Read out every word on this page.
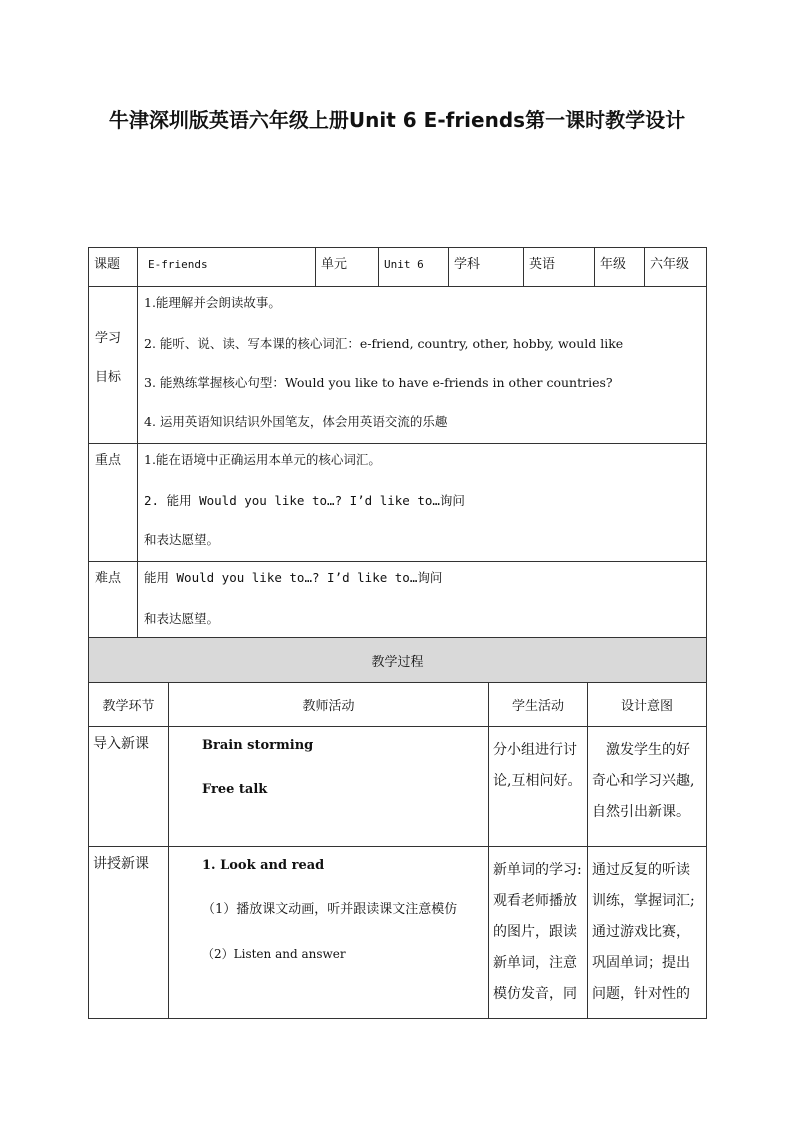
牛津深圳版英语六年级上册Unit 6 E-friends第一课时教学设计
课题	E-friends	单元	Unit 6	学科	英语	年级	六年级

学习
目标	1.能理解并会朗读故事。
2. 能听、说、读、写本课的核心词汇：e-friend, country, other, hobby, would like
3. 能熟练掌握核心句型：Would you like to have e-friends in other countries?
4. 运用英语知识结识外国笔友，体会用英语交流的乐趣						

重点	1.能在语境中正确运用本单元的核心词汇。
2. 能用 Would you like to…? I’d like to…询问
和表达愿望。						

难点	能用 Would you like to…? I’d like to…询问
和表达愿望。						
教学过程			
教学环节	教师活动	学生活动	设计意图
导入新课	Brain storming
Free talk	分小组进行讨论,互相问好。	激发学生的好奇心和学习兴趣,自然引出新课。
讲授新课	1. Look and read
（1）播放课文动画，听并跟读课文注意模仿
（2）Listen and answer	新单词的学习:观看老师播放的图片，跟读新单词，注意模仿发音，同	通过反复的听读训练，掌握词汇;通过游戏比赛，巩固单词；提出问题，针对性的
